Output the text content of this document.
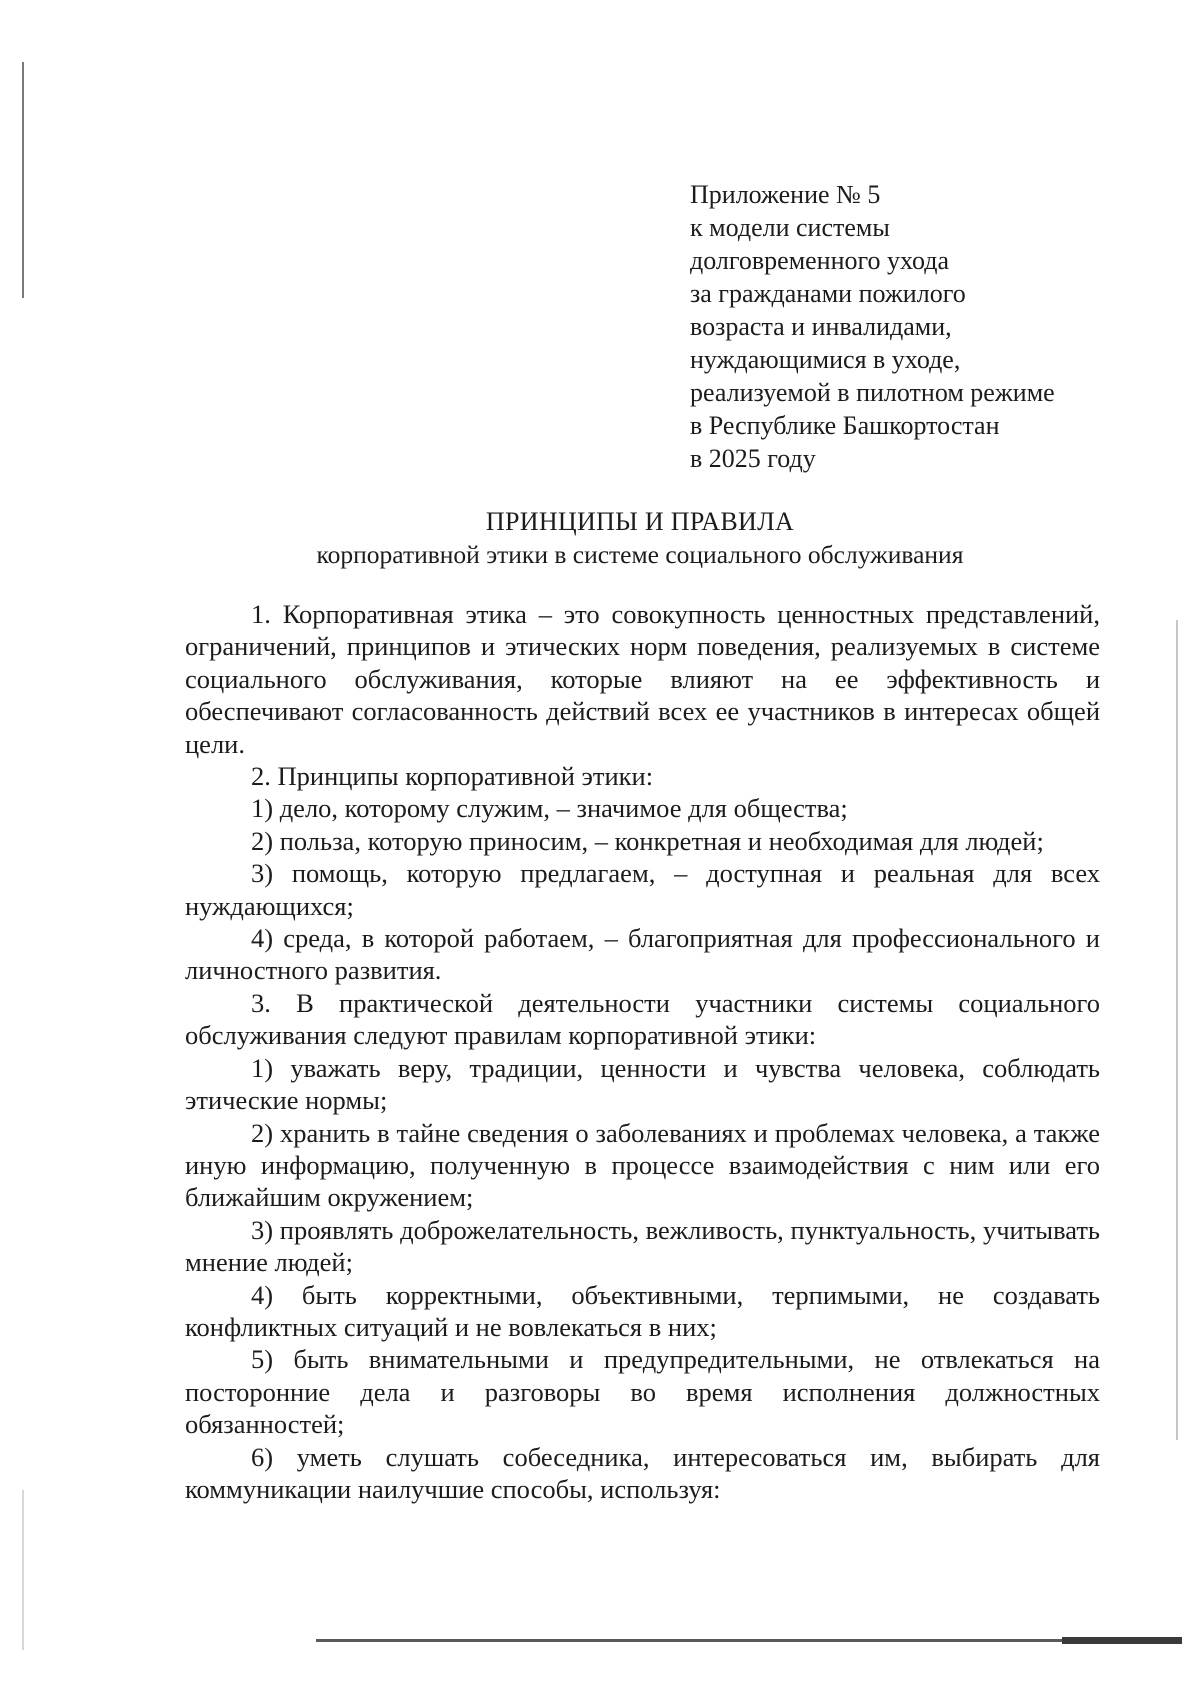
Приложение № 5
к модели системы
долговременного ухода
за гражданами пожилого
возраста и инвалидами,
нуждающимися в уходе,
реализуемой в пилотном режиме
в Республике Башкортостан
в 2025 году
ПРИНЦИПЫ И ПРАВИЛА
корпоративной этики в системе социального обслуживания

1. Корпоративная этика – это совокупность ценностных представлений, ограничений, принципов и этических норм поведения, реализуемых в системе социального обслуживания, которые влияют на ее эффективность и обеспечивают согласованность действий всех ее участников в интересах общей цели.

2. Принципы корпоративной этики:

1) дело, которому служим, – значимое для общества;

2) польза, которую приносим, – конкретная и необходимая для людей;

3) помощь, которую предлагаем, – доступная и реальная для всех нуждающихся;

4) среда, в которой работаем, – благоприятная для профессионального и личностного развития.

3. В практической деятельности участники системы социального обслуживания следуют правилам корпоративной этики:

1) уважать веру, традиции, ценности и чувства человека, соблюдать этические нормы;

2) хранить в тайне сведения о заболеваниях и проблемах человека, а также иную информацию, полученную в процессе взаимодействия с ним или его ближайшим окружением;

3) проявлять доброжелательность, вежливость, пунктуальность, учитывать мнение людей;

4) быть корректными, объективными, терпимыми, не создавать конфликтных ситуаций и не вовлекаться в них;

5) быть внимательными и предупредительными, не отвлекаться на посторонние дела и разговоры во время исполнения должностных обязанностей;

6) уметь слушать собеседника, интересоваться им, выбирать для коммуникации наилучшие способы, используя:
